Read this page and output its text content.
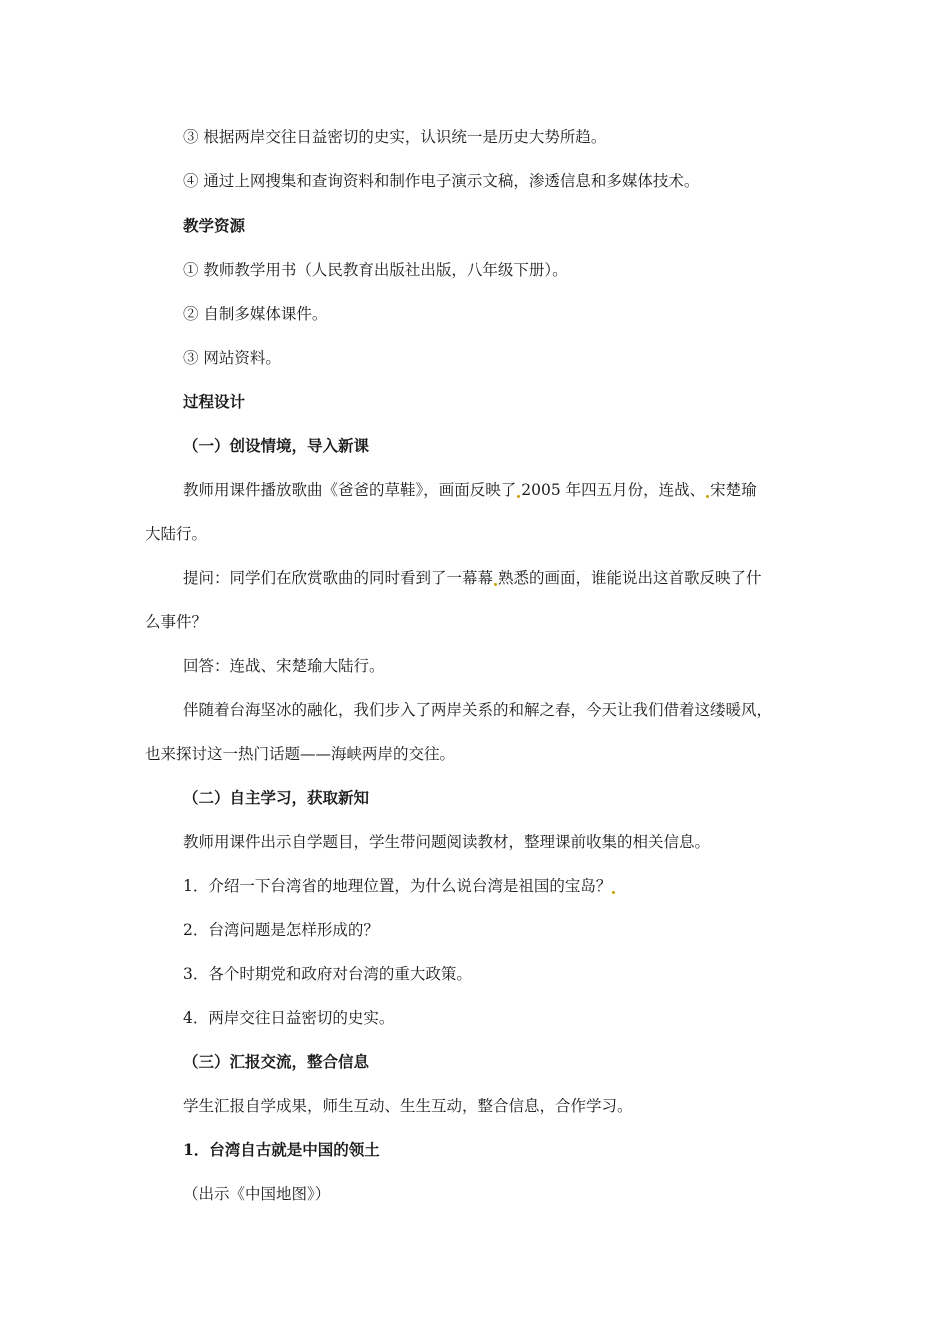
③ 根据两岸交往日益密切的史实，认识统一是历史大势所趋。
④ 通过上网搜集和查询资料和制作电子演示文稿，渗透信息和多媒体技术。
教学资源
① 教师教学用书（人民教育出版社出版，八年级下册）。
② 自制多媒体课件。
③ 网站资料。
过程设计
（一）创设情境，导入新课
教师用课件播放歌曲《爸爸的草鞋》，画面反映了 2005 年四五月份，连战、 宋楚瑜
大陆行。
提问：同学们在欣赏歌曲的同时看到了一幕幕 熟悉的画面，谁能说出这首歌反映了什
么事件？
回答：连战、宋楚瑜大陆行。
伴随着台海坚冰的融化，我们步入了两岸关系的和解之春，今天让我们借着这缕暖风，
也来探讨这一热门话题——海峡两岸的交往。
（二）自主学习，获取新知
教师用课件出示自学题目，学生带问题阅读教材，整理课前收集的相关信息。
1．介绍一下台湾省的地理位置，为什么说台湾是祖国的宝岛？
2．台湾问题是怎样形成的？
3．各个时期党和政府对台湾的重大政策。
4．两岸交往日益密切的史实。
（三）汇报交流，整合信息
学生汇报自学成果，师生互动、生生互动，整合信息，合作学习。
1．台湾自古就是中国的领土
（出示《中国地图》）
